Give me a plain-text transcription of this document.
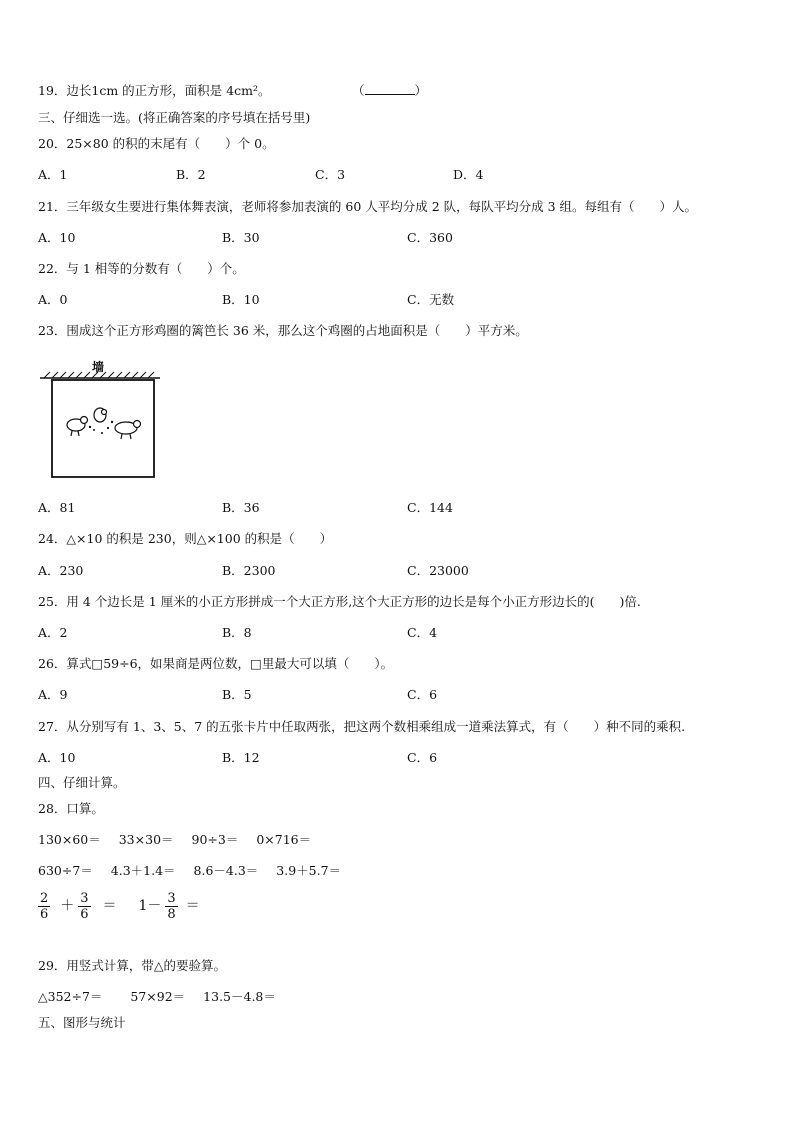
19．边长1cm 的正方形，面积是 4cm²。	（	）
三、仔细选一选。(将正确答案的序号填在括号里)
20．25×80 的积的末尾有（　　）个 0。
A．1	B．2	C．3	D．4
21．三年级女生要进行集体舞表演，老师将参加表演的 60 人平均分成 2 队，每队平均分成 3 组。每组有（　　）人。
A．10	B．30	C．360
22．与 1 相等的分数有（　　）个。
A．0	B．10	C．无数
23．围成这个正方形鸡圈的篱笆长 36 米，那么这个鸡圈的占地面积是（　　）平方米。
墙
A．81	B．36	C．144
24．△×10 的积是 230，则△×100 的积是（　　）
A．230	B．2300	C．23000
25．用 4 个边长是 1 厘米的小正方形拼成一个大正方形,这个大正方形的边长是每个小正方形边长的(　　)倍.
A．2	B．8	C．4
26．算式□59÷6，如果商是两位数，□里最大可以填（　　）。
A．9	B．5	C．6
27．从分别写有 1、3、5、7 的五张卡片中任取两张，把这两个数相乘组成一道乘法算式，有（　　）种不同的乘积.
A．10	B．12	C．6
四、仔细计算。
28．口算。
130×60＝ 33×30＝ 90÷3＝ 0×716＝
630÷7＝ 4.3＋1.4＝ 8.6－4.3＝ 3.9＋5.7＝
$\frac{2}{6} + \frac{3}{6} = 1- \frac{3}{8}$ ＝
29．用竖式计算，带△的要验算。
△352÷7＝ 57×92＝ 13.5－4.8＝
五、图形与统计
